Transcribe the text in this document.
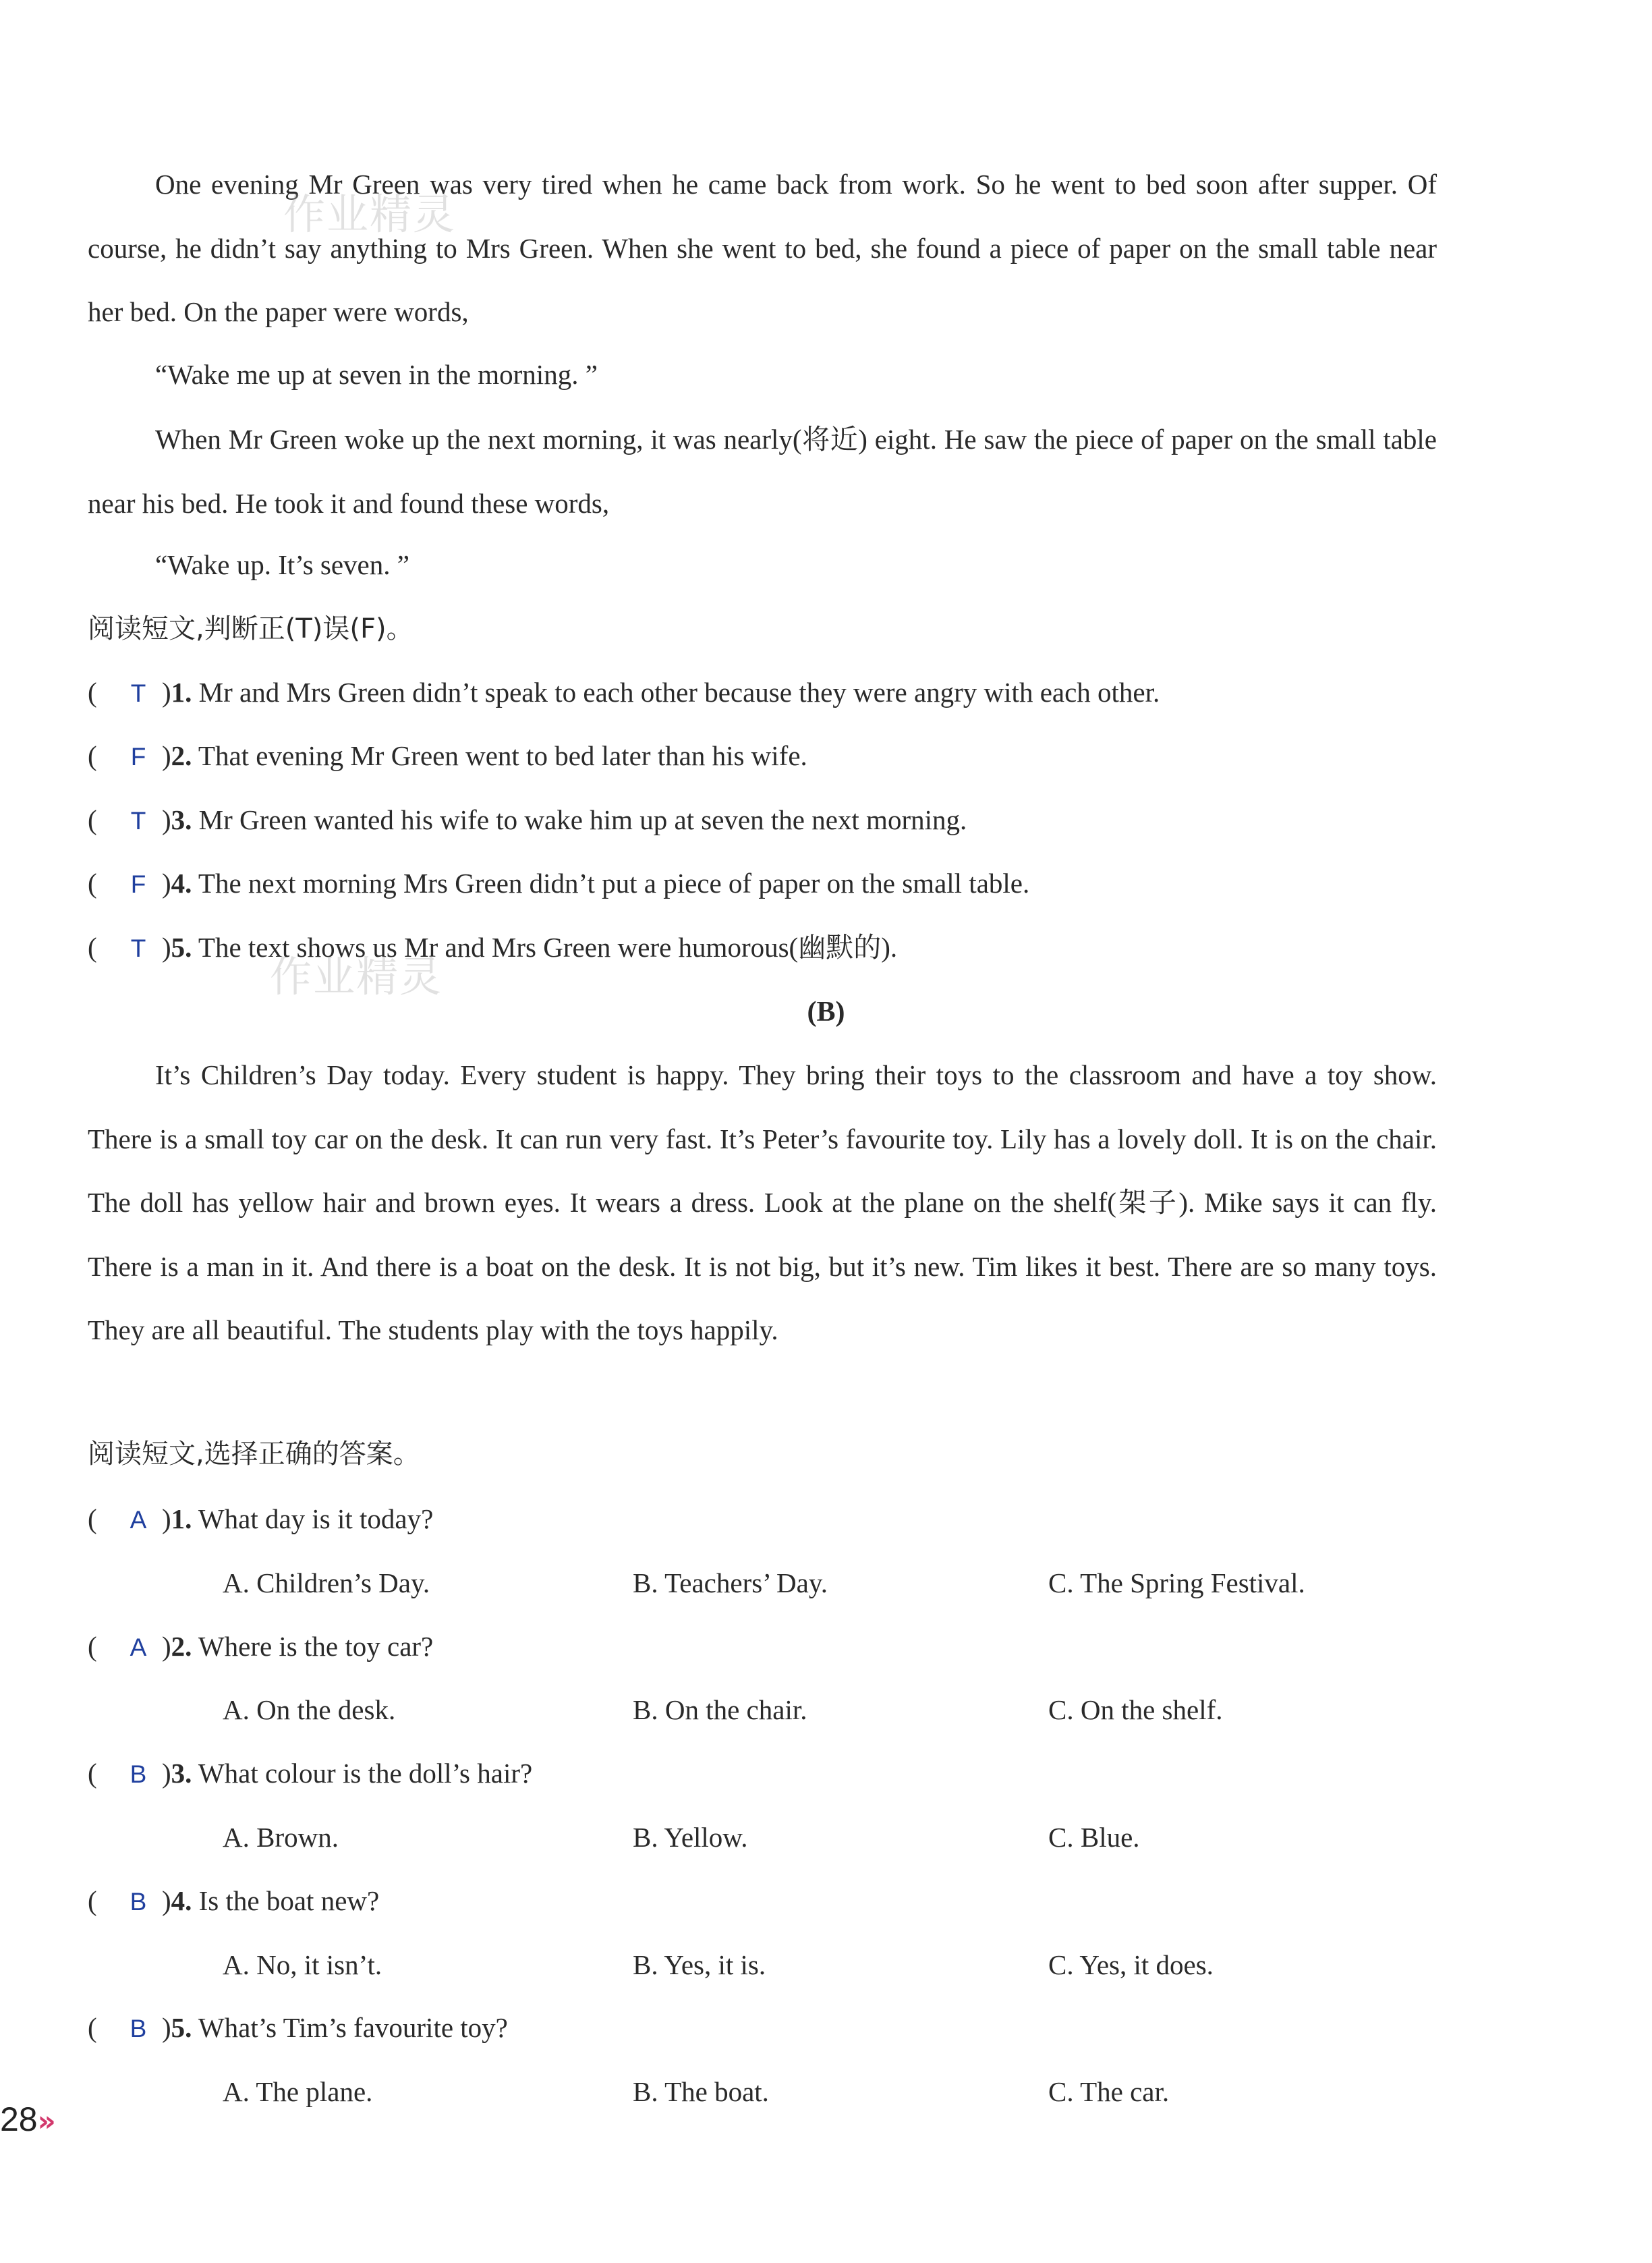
One evening Mr Green was very tired when he came back from work. So he went to bed soon after supper. Of course, he didn’t say anything to Mrs Green. When she went to bed, she found a piece of paper on the small table near her bed. On the paper were words,
“Wake me up at seven in the morning. ”
When Mr Green woke up the next morning, it was nearly(将近) eight. He saw the piece of paper on the small table near his bed. He took it and found these words,
“Wake up. It’s seven. ”
阅读短文,判断正(T)误(F)。
( T )1. Mr and Mrs Green didn’t speak to each other because they were angry with each other.
( F )2. That evening Mr Green went to bed later than his wife.
( T )3. Mr Green wanted his wife to wake him up at seven the next morning.
( F )4. The next morning Mrs Green didn’t put a piece of paper on the small table.
( T )5. The text shows us Mr and Mrs Green were humorous(幽默的).
(B)
It’s Children’s Day today. Every student is happy. They bring their toys to the classroom and have a toy show. There is a small toy car on the desk. It can run very fast. It’s Peter’s favourite toy. Lily has a lovely doll. It is on the chair. The doll has yellow hair and brown eyes. It wears a dress. Look at the plane on the shelf(架子). Mike says it can fly. There is a man in it. And there is a boat on the desk. It is not big, but it’s new. Tim likes it best. There are so many toys. They are all beautiful. The students play with the toys happily.
阅读短文,选择正确的答案。
( A )1. What day is it today?
A. Children’s Day.	B. Teachers’ Day.	C. The Spring Festival.
( A )2. Where is the toy car?
A. On the desk.	B. On the chair.	C. On the shelf.
( B )3. What colour is the doll’s hair?
A. Brown.	B. Yellow.	C. Blue.
( B )4. Is the boat new?
A. No, it isn’t.	B. Yes, it is.	C. Yes, it does.
( B )5. What’s Tim’s favourite toy?
A. The plane.	B. The boat.	C. The car.
作业精灵
作业精灵
28»
